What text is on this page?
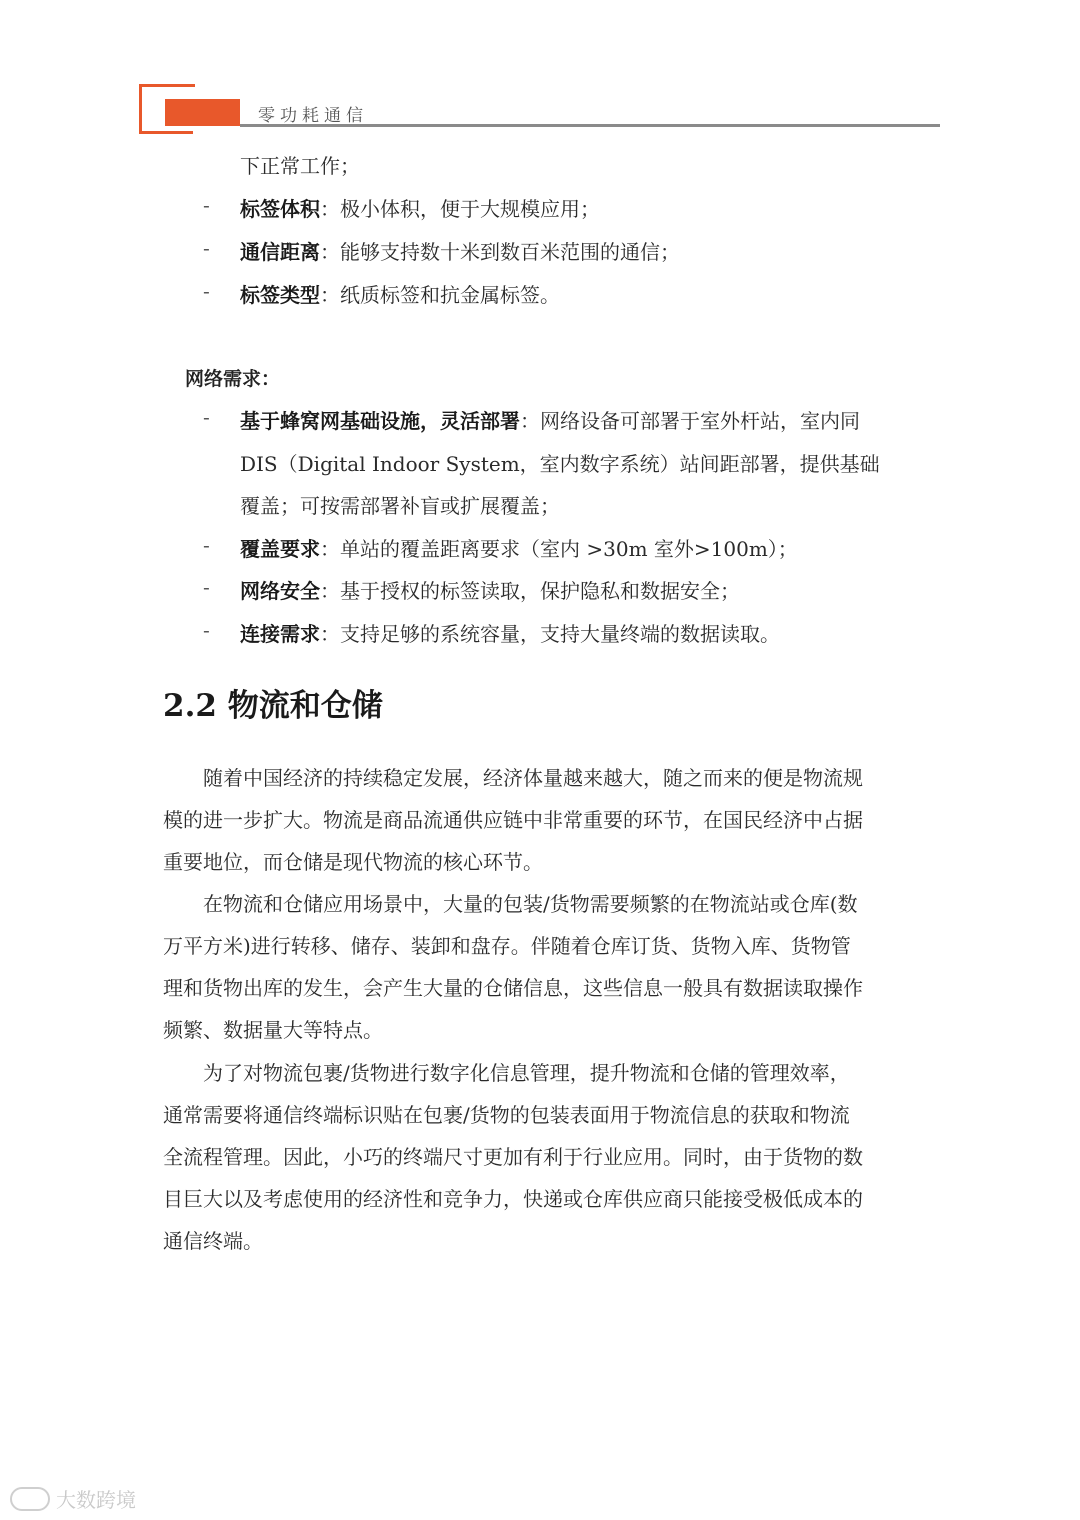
零功耗通信
下正常工作；
- 标签体积：极小体积，便于大规模应用；
- 通信距离：能够支持数十米到数百米范围的通信；
- 标签类型：纸质标签和抗金属标签。
网络需求：
- 基于蜂窝网基础设施，灵活部署：网络设备可部署于室外杆站，室内同
DIS（Digital Indoor System，室内数字系统）站间距部署，提供基础
覆盖；可按需部署补盲或扩展覆盖；
- 覆盖要求：单站的覆盖距离要求（室内 >30m 室外>100m）；
- 网络安全：基于授权的标签读取，保护隐私和数据安全；
- 连接需求：支持足够的系统容量，支持大量终端的数据读取。
2.2 物流和仓储
　　随着中国经济的持续稳定发展，经济体量越来越大，随之而来的便是物流规
模的进一步扩大。物流是商品流通供应链中非常重要的环节，在国民经济中占据
重要地位，而仓储是现代物流的核心环节。
　　在物流和仓储应用场景中，大量的包装/货物需要频繁的在物流站或仓库(数
万平方米)进行转移、储存、装卸和盘存。伴随着仓库订货、货物入库、货物管
理和货物出库的发生，会产生大量的仓储信息，这些信息一般具有数据读取操作
频繁、数据量大等特点。
　　为了对物流包裹/货物进行数字化信息管理，提升物流和仓储的管理效率，
通常需要将通信终端标识贴在包裹/货物的包装表面用于物流信息的获取和物流
全流程管理。因此，小巧的终端尺寸更加有利于行业应用。同时，由于货物的数
目巨大以及考虑使用的经济性和竞争力，快递或仓库供应商只能接受极低成本的
通信终端。
大数跨境
